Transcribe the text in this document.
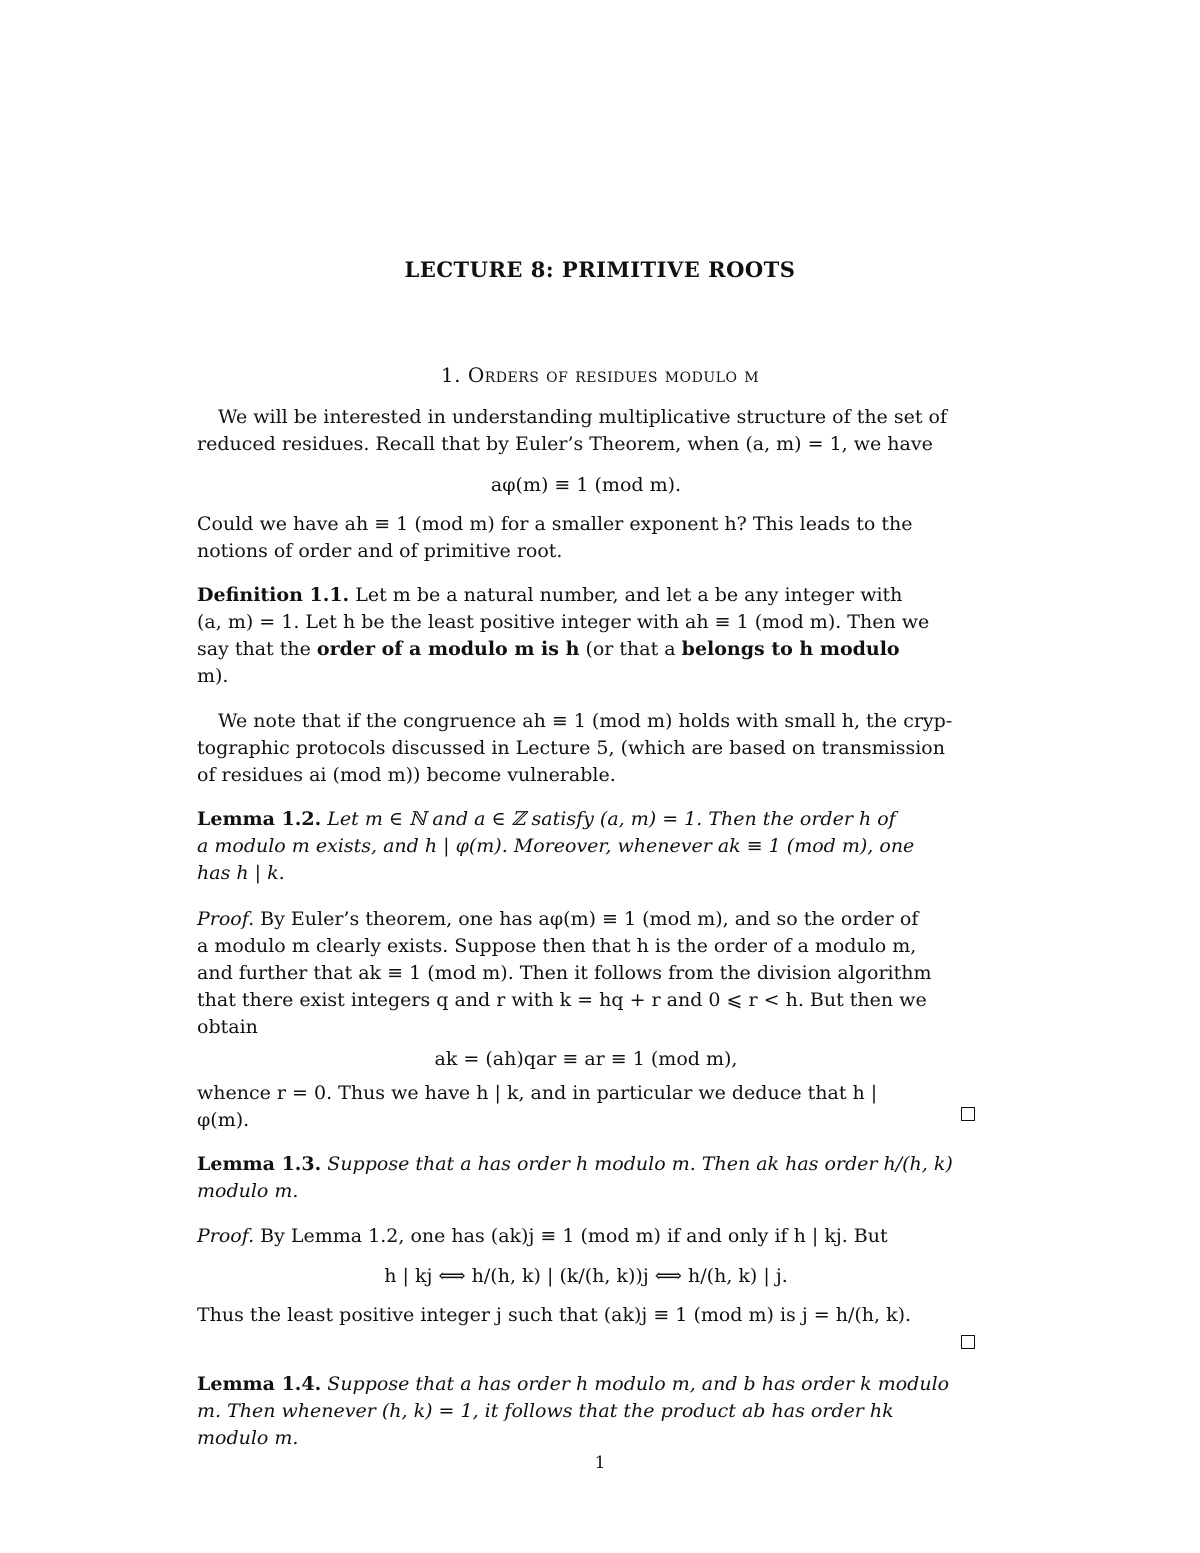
LECTURE 8: PRIMITIVE ROOTS
1. Orders of residues modulo m

We will be interested in understanding multiplicative structure of the set of

reduced residues. Recall that by Euler’s Theorem, when (a, m) = 1, we have

aφ(m) ≡ 1 (mod m).

Could we have ah ≡ 1 (mod m) for a smaller exponent h? This leads to the

notions of order and of primitive root.

Definition 1.1. Let m be a natural number, and let a be any integer with

(a, m) = 1. Let h be the least positive integer with ah ≡ 1 (mod m). Then we

say that the order of a modulo m is h (or that a belongs to h modulo

m).

We note that if the congruence ah ≡ 1 (mod m) holds with small h, the cryp-

tographic protocols discussed in Lecture 5, (which are based on transmission

of residues ai (mod m)) become vulnerable.

Lemma 1.2. Let m ∈ ℕ and a ∈ ℤ satisfy (a, m) = 1. Then the order h of

a modulo m exists, and h | φ(m). Moreover, whenever ak ≡ 1 (mod m), one

has h | k.

Proof. By Euler’s theorem, one has aφ(m) ≡ 1 (mod m), and so the order of

a modulo m clearly exists. Suppose then that h is the order of a modulo m,

and further that ak ≡ 1 (mod m). Then it follows from the division algorithm

that there exist integers q and r with k = hq + r and 0 ⩽ r < h. But then we

obtain

ak = (ah)qar ≡ ar ≡ 1 (mod m),

whence r = 0. Thus we have h | k, and in particular we deduce that h |

φ(m).

Lemma 1.3. Suppose that a has order h modulo m. Then ak has order h/(h, k)

modulo m.

Proof. By Lemma 1.2, one has (ak)j ≡ 1 (mod m) if and only if h | kj. But

h | kj ⟺ h/(h, k) | (k/(h, k))j ⟺ h/(h, k) | j.

Thus the least positive integer j such that (ak)j ≡ 1 (mod m) is j = h/(h, k).

Lemma 1.4. Suppose that a has order h modulo m, and b has order k modulo

m. Then whenever (h, k) = 1, it follows that the product ab has order hk

modulo m.

1
